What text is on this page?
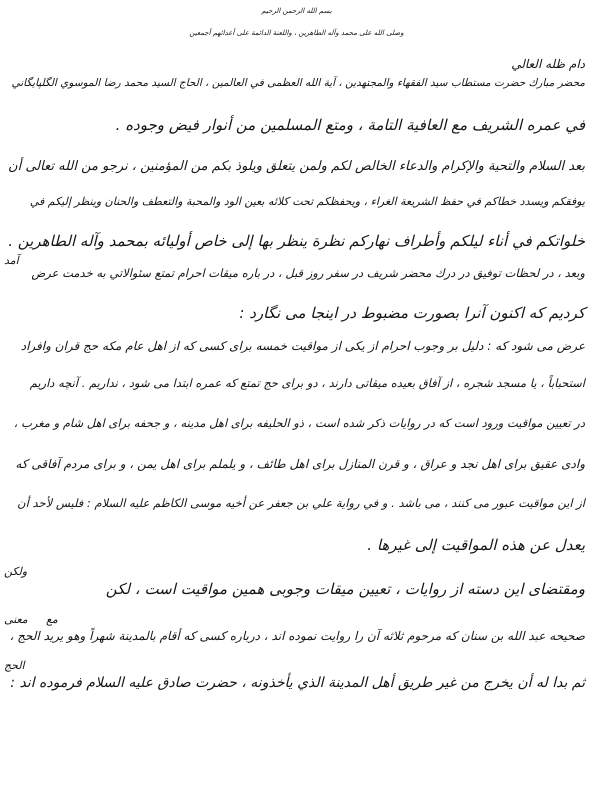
بسم الله الرحمن الرحيم
وصلى الله على محمد وآله الطاهرين ، واللعنة الدائمة على أعدائهم أجمعين
دام ظله العالي
محضر مبارك حضرت مستطاب سيد الفقهاء والمجتهدين ، آية الله العظمى في العالمين ، الحاج السيد محمد رضا الموسوي الگلپايگاني
في عمره الشريف مع العافية التامة ، ومتع المسلمين من أنوار فيض وجوده .
بعد السلام والتحية والإكرام والدعاء الخالص لكم ولمن يتعلق ويلوذ بكم من المؤمنين ، نرجو من الله تعالى أن
يوفقكم ويسدد خطاكم في حفظ الشريعة الغراء ، ويحفظكم تحت كلائه بعين الود والمحبة والتعطف والحنان وينظر إليكم في
خلواتكم في أناء ليلكم وأطراف نهاركم نظرة ينظر بها إلى خاص أوليائه بمحمد وآله الطاهرين .
وبعد ، در لحظات توفيق در درك محضر شريف در سفر روز قبل ، در باره ميقات احرام تمتع سئوالاتي به خدمت عرض
كرديم كه اكنون آنرا بصورت مضبوط در اينجا مى نگارد :
عرض مى شود كه : دليل بر وجوب احرام از يكى از مواقيت خمسه براى كسى كه از اهل عام مكه حج قران وافراد
استحباباً ، يا مسجد شجره ، از آفاق بعيده ميقاتى دارند ، دو براى حج تمتع كه عمره ابتدا مى شود ، نداريم . آنچه داريم
در تعيين مواقيت ورود است كه در روايات ذكر شده است ، ذو الحليفه براى اهل مدينه ، و جحفه براى اهل شام و مغرب ،
وادى عقيق براى اهل نجد و عراق ، و قرن المنازل براى اهل طائف ، و يلملم براى اهل يمن ، و براى مردم آفاقى كه
از اين مواقيت عبور مى كنند ، مى باشد . و في رواية علي بن جعفر عن أخيه موسى الكاظم عليه السلام : فليس لأحد أن
يعدل عن هذه المواقيت إلى غيرها .
ومقتضاى اين دسته از روايات ، تعيين ميقات وجوبى همين مواقيت است ، لكن
صحيحه عبد الله بن سنان كه مرحوم ثلاثه آن را روايت نموده اند ، درباره كسى كه أقام بالمدينة شهراً وهو يريد الحج ،
ثم بدا له أن يخرج من غير طريق أهل المدينة الذي يأخذونه ، حضرت صادق عليه السلام فرموده اند :
آمد
ولكن
معنى مع
الحج
